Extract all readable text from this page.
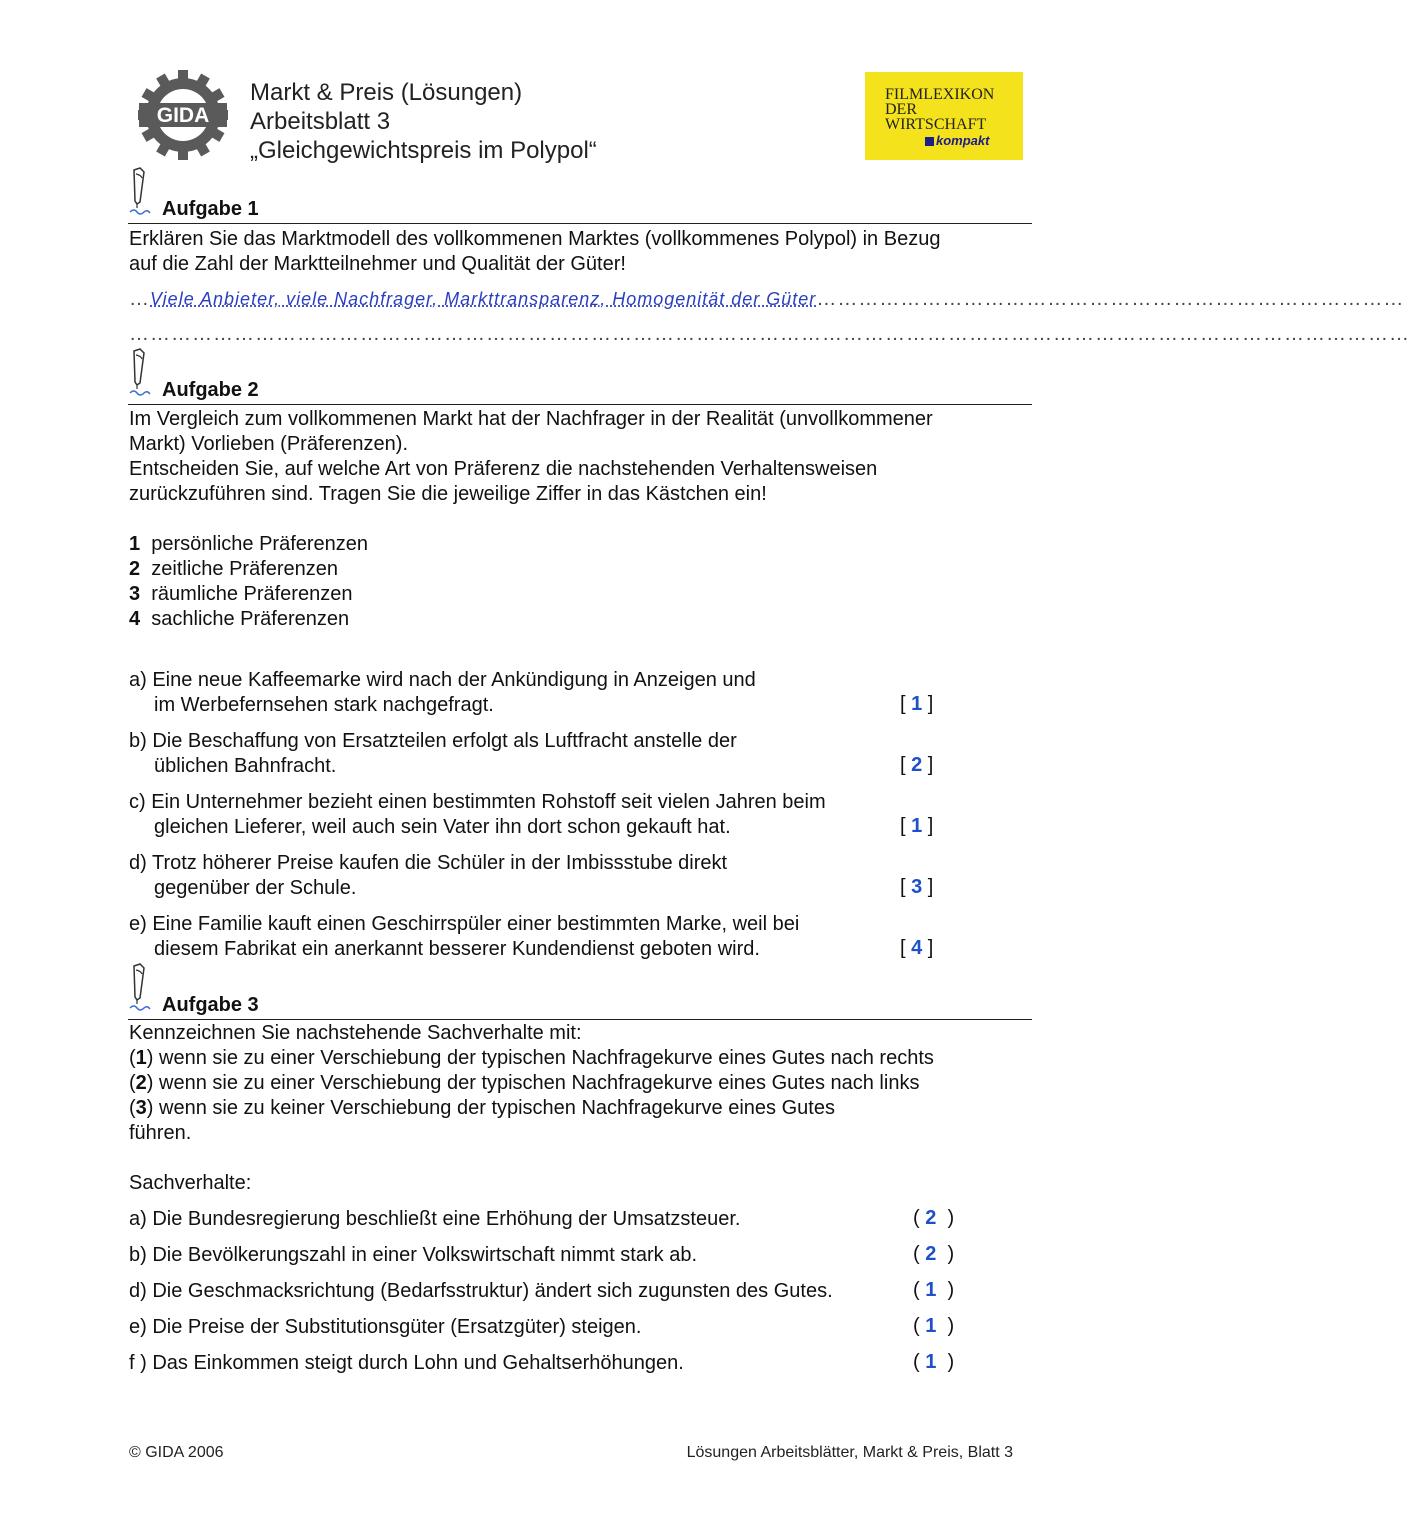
GIDA
Markt & Preis (Lösungen)
Arbeitsblatt 3
„Gleichgewichtspreis im Polypol“
FILMLEXIKON
DER
WIRTSCHAFT
kompakt
Aufgabe 1
Erklären Sie das Marktmodell des vollkommenen Marktes (vollkommenes Polypol) in Bezug
auf die Zahl der Marktteilnehmer und Qualität der Güter!
…Viele Anbieter, viele Nachfrager, Markttransparenz, Homogenität der Güter…………………………………………………………………………
…………………………………………………………………………………………………………………………………………………………………
Aufgabe 2
Im Vergleich zum vollkommenen Markt hat der Nachfrager in der Realität (unvollkommener
Markt) Vorlieben (Präferenzen).
Entscheiden Sie, auf welche Art von Präferenz die nachstehenden Verhaltensweisen
zurückzuführen sind. Tragen Sie die jeweilige Ziffer in das Kästchen ein!
1 persönliche Präferenzen
2 zeitliche Präferenzen
3 räumliche Präferenzen
4 sachliche Präferenzen
a) Eine neue Kaffeemarke wird nach der Ankündigung in Anzeigen und
im Werbefernsehen stark nachgefragt.	[ 1 ]
b) Die Beschaffung von Ersatzteilen erfolgt als Luftfracht anstelle der
üblichen Bahnfracht.	[ 2 ]
c) Ein Unternehmer bezieht einen bestimmten Rohstoff seit vielen Jahren beim
gleichen Lieferer, weil auch sein Vater ihn dort schon gekauft hat.	[ 1 ]
d) Trotz höherer Preise kaufen die Schüler in der Imbissstube direkt
gegenüber der Schule.	[ 3 ]
e) Eine Familie kauft einen Geschirrspüler einer bestimmten Marke, weil bei
diesem Fabrikat ein anerkannt besserer Kundendienst geboten wird.	[ 4 ]
Aufgabe 3
Kennzeichnen Sie nachstehende Sachverhalte mit:
(1) wenn sie zu einer Verschiebung der typischen Nachfragekurve eines Gutes nach rechts
(2) wenn sie zu einer Verschiebung der typischen Nachfragekurve eines Gutes nach links
(3) wenn sie zu keiner Verschiebung der typischen Nachfragekurve eines Gutes
führen.
Sachverhalte:
a) Die Bundesregierung beschließt eine Erhöhung der Umsatzsteuer.	( 2  )
b) Die Bevölkerungszahl in einer Volkswirtschaft nimmt stark ab.	( 2  )
d) Die Geschmacksrichtung (Bedarfsstruktur) ändert sich zugunsten des Gutes.	( 1  )
e) Die Preise der Substitutionsgüter (Ersatzgüter) steigen.	( 1  )
f ) Das Einkommen steigt durch Lohn und Gehaltserhöhungen.	( 1  )
© GIDA 2006	Lösungen Arbeitsblätter, Markt & Preis, Blatt 3
